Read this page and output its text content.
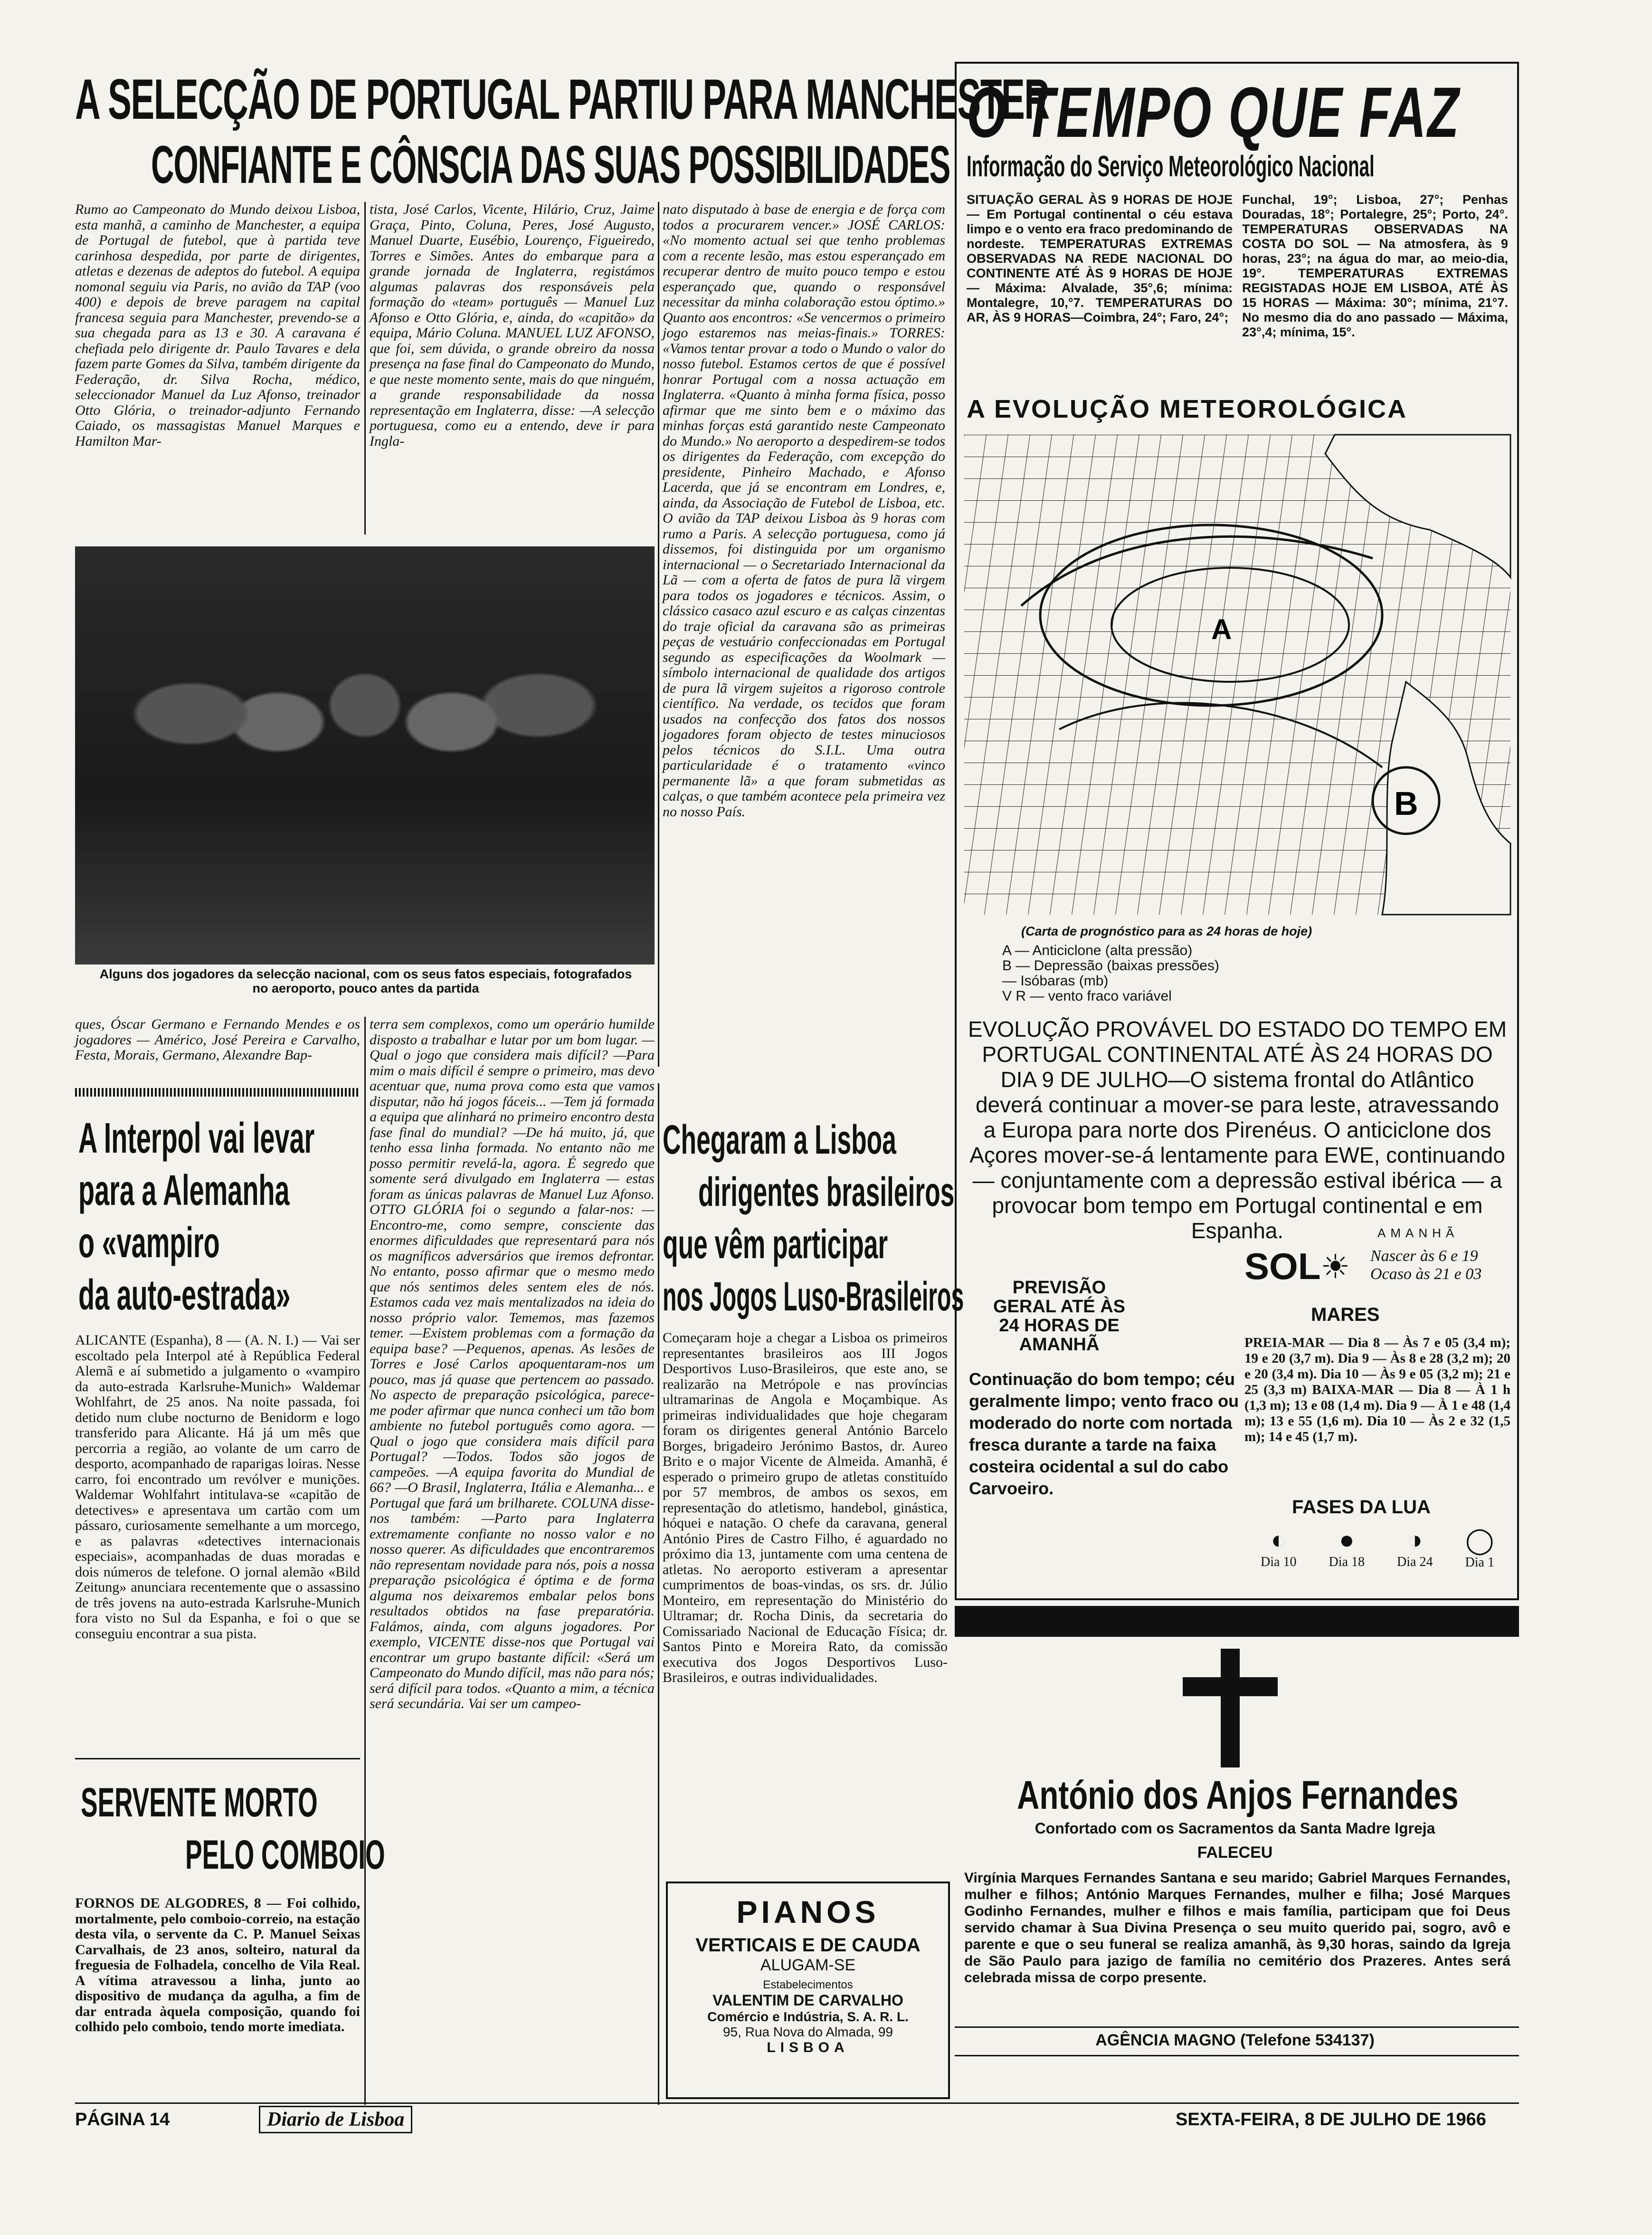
A SELECÇÃO DE PORTUGAL PARTIU PARA MANCHESTER
CONFIANTE E CÔNSCIA DAS SUAS POSSIBILIDADES
Rumo ao Campeonato do Mundo deixou Lisboa, esta manhã, a caminho de Manchester, a equipa de Portugal de futebol, que à partida teve carinhosa despedida, por parte de dirigentes, atletas e dezenas de adeptos do futebol. A equipa nomonal seguiu via Paris, no avião da TAP (voo 400) e depois de breve paragem na capital francesa seguia para Manchester, prevendo-se a sua chegada para as 13 e 30. A caravana é chefiada pelo dirigente dr. Paulo Tavares e dela fazem parte Gomes da Silva, também dirigente da Federação, dr. Silva Rocha, médico, seleccionador Manuel da Luz Afonso, treinador Otto Glória, o treinador-adjunto Fernando Caiado, os massagistas Manuel Marques e Hamilton Mar-
tista, José Carlos, Vicente, Hilário, Cruz, Jaime Graça, Pinto, Coluna, Peres, José Augusto, Manuel Duarte, Eusébio, Lourenço, Figueiredo, Torres e Simões. Antes do embarque para a grande jornada de Inglaterra, registámos algumas palavras dos responsáveis pela formação do «team» português — Manuel Luz Afonso e Otto Glória, e, ainda, do «capitão» da equipa, Mário Coluna. MANUEL LUZ AFONSO, que foi, sem dúvida, o grande obreiro da nossa presença na fase final do Campeonato do Mundo, e que neste momento sente, mais do que ninguém, a grande responsabilidade da nossa representação em Inglaterra, disse: —A selecção portuguesa, como eu a entendo, deve ir para Ingla-
nato disputado à base de energia e de força com todos a procurarem vencer.» JOSÉ CARLOS: «No momento actual sei que tenho problemas com a recente lesão, mas estou esperançado em recuperar dentro de muito pouco tempo e estou esperançado que, quando o responsável necessitar da minha colaboração estou óptimo.» Quanto aos encontros: «Se vencermos o primeiro jogo estaremos nas meias-finais.» TORRES: «Vamos tentar provar a todo o Mundo o valor do nosso futebol. Estamos certos de que é possível honrar Portugal com a nossa actuação em Inglaterra. «Quanto à minha forma física, posso afirmar que me sinto bem e o máximo das minhas forças está garantido neste Campeonato do Mundo.» No aeroporto a despedirem-se todos os dirigentes da Federação, com excepção do presidente, Pinheiro Machado, e Afonso Lacerda, que já se encontram em Londres, e, ainda, da Associação de Futebol de Lisboa, etc. O avião da TAP deixou Lisboa às 9 horas com rumo a Paris. A selecção portuguesa, como já dissemos, foi distinguida por um organismo internacional — o Secretariado Internacional da Lã — com a oferta de fatos de pura lã virgem para todos os jogadores e técnicos. Assim, o clássico casaco azul escuro e as calças cinzentas do traje oficial da caravana são as primeiras peças de vestuário confeccionadas em Portugal segundo as especificações da Woolmark — símbolo internacional de qualidade dos artigos de pura lã virgem sujeitos a rigoroso controle científico. Na verdade, os tecidos que foram usados na confecção dos fatos dos nossos jogadores foram objecto de testes minuciosos pelos técnicos do S.I.L. Uma outra particularidade é o tratamento «vinco permanente lã» a que foram submetidas as calças, o que também acontece pela primeira vez no nosso País.
Alguns dos jogadores da selecção nacional, com os seus fatos especiais, fotografados no aeroporto, pouco antes da partida
ques, Óscar Germano e Fernando Mendes e os jogadores — Américo, José Pereira e Carvalho, Festa, Morais, Germano, Alexandre Bap-
terra sem complexos, como um operário humilde disposto a trabalhar e lutar por um bom lugar. —Qual o jogo que considera mais difícil? —Para mim o mais difícil é sempre o primeiro, mas devo acentuar que, numa prova como esta que vamos disputar, não há jogos fáceis... —Tem já formada a equipa que alinhará no primeiro encontro desta fase final do mundial? —De há muito, já, que tenho essa linha formada. No entanto não me posso permitir revelá-la, agora. É segredo que somente será divulgado em Inglaterra — estas foram as únicas palavras de Manuel Luz Afonso. OTTO GLÓRIA foi o segundo a falar-nos: —Encontro-me, como sempre, consciente das enormes dificuldades que representará para nós os magníficos adversários que iremos defrontar. No entanto, posso afirmar que o mesmo medo que nós sentimos deles sentem eles de nós. Estamos cada vez mais mentalizados na ideia do nosso próprio valor. Tememos, mas fazemos temer. —Existem problemas com a formação da equipa base? —Pequenos, apenas. As lesões de Torres e José Carlos apoquentaram-nos um pouco, mas já quase que pertencem ao passado. No aspecto de preparação psicológica, parece-me poder afirmar que nunca conheci um tão bom ambiente no futebol português como agora. —Qual o jogo que considera mais difícil para Portugal? —Todos. Todos são jogos de campeões. —A equipa favorita do Mundial de 66? —O Brasil, Inglaterra, Itália e Alemanha... e Portugal que fará um brilharete. COLUNA disse-nos também: —Parto para Inglaterra extremamente confiante no nosso valor e no nosso querer. As dificuldades que encontraremos não representam novidade para nós, pois a nossa preparação psicológica é óptima e de forma alguma nos deixaremos embalar pelos bons resultados obtidos na fase preparatória. Falámos, ainda, com alguns jogadores. Por exemplo, VICENTE disse-nos que Portugal vai encontrar um grupo bastante difícil: «Será um Campeonato do Mundo difícil, mas não para nós; será difícil para todos. «Quanto a mim, a técnica será secundária. Vai ser um campeo-
A Interpol vai levar
para a Alemanha
o «vampiro
da auto-estrada»
ALICANTE (Espanha), 8 — (A. N. I.) — Vai ser escoltado pela Interpol até à República Federal Alemã e aí submetido a julgamento o «vampiro da auto-estrada Karlsruhe-Munich» Waldemar Wohlfahrt, de 25 anos. Na noite passada, foi detido num clube nocturno de Benidorm e logo transferido para Alicante. Há já um mês que percorria a região, ao volante de um carro de desporto, acompanhado de raparigas loiras. Nesse carro, foi encontrado um revólver e munições. Waldemar Wohlfahrt intitulava-se «capitão de detectives» e apresentava um cartão com um pássaro, curiosamente semelhante a um morcego, e as palavras «detectives internacionais especiais», acompanhadas de duas moradas e dois números de telefone. O jornal alemão «Bild Zeitung» anunciara recentemente que o assassino de três jovens na auto-estrada Karlsruhe-Munich fora visto no Sul da Espanha, e foi o que se conseguiu encontrar a sua pista.
SERVENTE MORTO
PELO COMBOIO
FORNOS DE ALGODRES, 8 — Foi colhido, mortalmente, pelo comboio-correio, na estação desta vila, o servente da C. P. Manuel Seixas Carvalhais, de 23 anos, solteiro, natural da freguesia de Folhadela, concelho de Vila Real. A vítima atravessou a linha, junto ao dispositivo de mudança da agulha, a fim de dar entrada àquela composição, quando foi colhido pelo comboio, tendo morte imediata.
Chegaram a Lisboa
dirigentes brasileiros
que vêm participar
nos Jogos Luso-Brasileiros
Começaram hoje a chegar a Lisboa os primeiros representantes brasileiros aos III Jogos Desportivos Luso-Brasileiros, que este ano, se realizarão na Metrópole e nas províncias ultramarinas de Angola e Moçambique. As primeiras individualidades que hoje chegaram foram os dirigentes general António Barcelo Borges, brigadeiro Jerónimo Bastos, dr. Aureo Brito e o major Vicente de Almeida. Amanhã, é esperado o primeiro grupo de atletas constituído por 57 membros, de ambos os sexos, em representação do atletismo, handebol, ginástica, hóquei e natação. O chefe da caravana, general António Pires de Castro Filho, é aguardado no próximo dia 13, juntamente com uma centena de atletas. No aeroporto estiveram a apresentar cumprimentos de boas-vindas, os srs. dr. Júlio Monteiro, em representação do Ministério do Ultramar; dr. Rocha Dinis, da secretaria do Comissariado Nacional de Educação Física; dr. Santos Pinto e Moreira Rato, da comissão executiva dos Jogos Desportivos Luso-Brasileiros, e outras individualidades.
PIANOS
VERTICAIS E DE CAUDA
ALUGAM-SE
Estabelecimentos
VALENTIM DE CARVALHO
Comércio e Indústria, S. A. R. L.
95, Rua Nova do Almada, 99
LISBOA
O TEMPO QUE FAZ
Informação do Serviço Meteorológico Nacional
SITUAÇÃO GERAL ÀS 9 HORAS DE HOJE — Em Portugal continental o céu estava limpo e o vento era fraco predominando de nordeste. TEMPERATURAS EXTREMAS OBSERVADAS NA REDE NACIONAL DO CONTINENTE ATÉ ÀS 9 HORAS DE HOJE — Máxima: Alvalade, 35°,6; mínima: Montalegre, 10,°7. TEMPERATURAS DO AR, ÀS 9 HORAS—Coimbra, 24°; Faro, 24°;
Funchal, 19°; Lisboa, 27°; Penhas Douradas, 18°; Portalegre, 25°; Porto, 24°. TEMPERATURAS OBSERVADAS NA COSTA DO SOL — Na atmosfera, às 9 horas, 23°; na água do mar, ao meio-dia, 19°. TEMPERATURAS EXTREMAS REGISTADAS HOJE EM LISBOA, ATÉ ÀS 15 HORAS — Máxima: 30°; mínima, 21°7. No mesmo dia do ano passado — Máxima, 23°,4; mínima, 15°.
A EVOLUÇÃO METEOROLÓGICA
B
A
(Carta de prognóstico para as 24 horas de hoje)
A — Anticiclone (alta pressão)
B — Depressão (baixas pressões)
— Isóbaras (mb)
V R — vento fraco variável
EVOLUÇÃO PROVÁVEL DO ESTADO DO TEMPO EM PORTUGAL CONTINENTAL ATÉ ÀS 24 HORAS DO DIA 9 DE JULHO—O sistema frontal do Atlântico deverá continuar a mover-se para leste, atravessando a Europa para norte dos Pirenéus. O anticiclone dos Açores mover-se-á lentamente para EWE, continuando — conjuntamente com a depressão estival ibérica — a provocar bom tempo em Portugal continental e em Espanha.
PREVISÃO GERAL ATÉ ÀS 24 HORAS DE AMANHÃ
Continuação do bom tempo; céu geralmente limpo; vento fraco ou moderado do norte com nortada fresca durante a tarde na faixa costeira ocidental a sul do cabo Carvoeiro.
AMANHÃ
SOL ☀ Nascer às 6 e 19
Ocaso às 21 e 03
MARES
PREIA-MAR — Dia 8 — Às 7 e 05 (3,4 m); 19 e 20 (3,7 m). Dia 9 — Às 8 e 28 (3,2 m); 20 e 20 (3,4 m). Dia 10 — Às 9 e 05 (3,2 m); 21 e 25 (3,3 m) BAIXA-MAR — Dia 8 — À 1 h (1,3 m); 13 e 08 (1,4 m). Dia 9 — À 1 e 48 (1,4 m); 13 e 55 (1,6 m). Dia 10 — Às 2 e 32 (1,5 m); 14 e 45 (1,7 m).
FASES DA LUA
◐
Dia 10
●
Dia 18
◑
Dia 24
◯
Dia 1
António dos Anjos Fernandes
Confortado com os Sacramentos da Santa Madre Igreja
FALECEU
Virgínia Marques Fernandes Santana e seu marido; Gabriel Marques Fernandes, mulher e filhos; António Marques Fernandes, mulher e filha; José Marques Godinho Fernandes, mulher e filhos e mais família, participam que foi Deus servido chamar à Sua Divina Presença o seu muito querido pai, sogro, avô e parente e que o seu funeral se realiza amanhã, às 9,30 horas, saindo da Igreja de São Paulo para jazigo de família no cemitério dos Prazeres. Antes será celebrada missa de corpo presente.
AGÊNCIA MAGNO (Telefone 534137)
PÁGINA 14	Diario de Lisboa	SEXTA-FEIRA, 8 DE JULHO DE 1966
